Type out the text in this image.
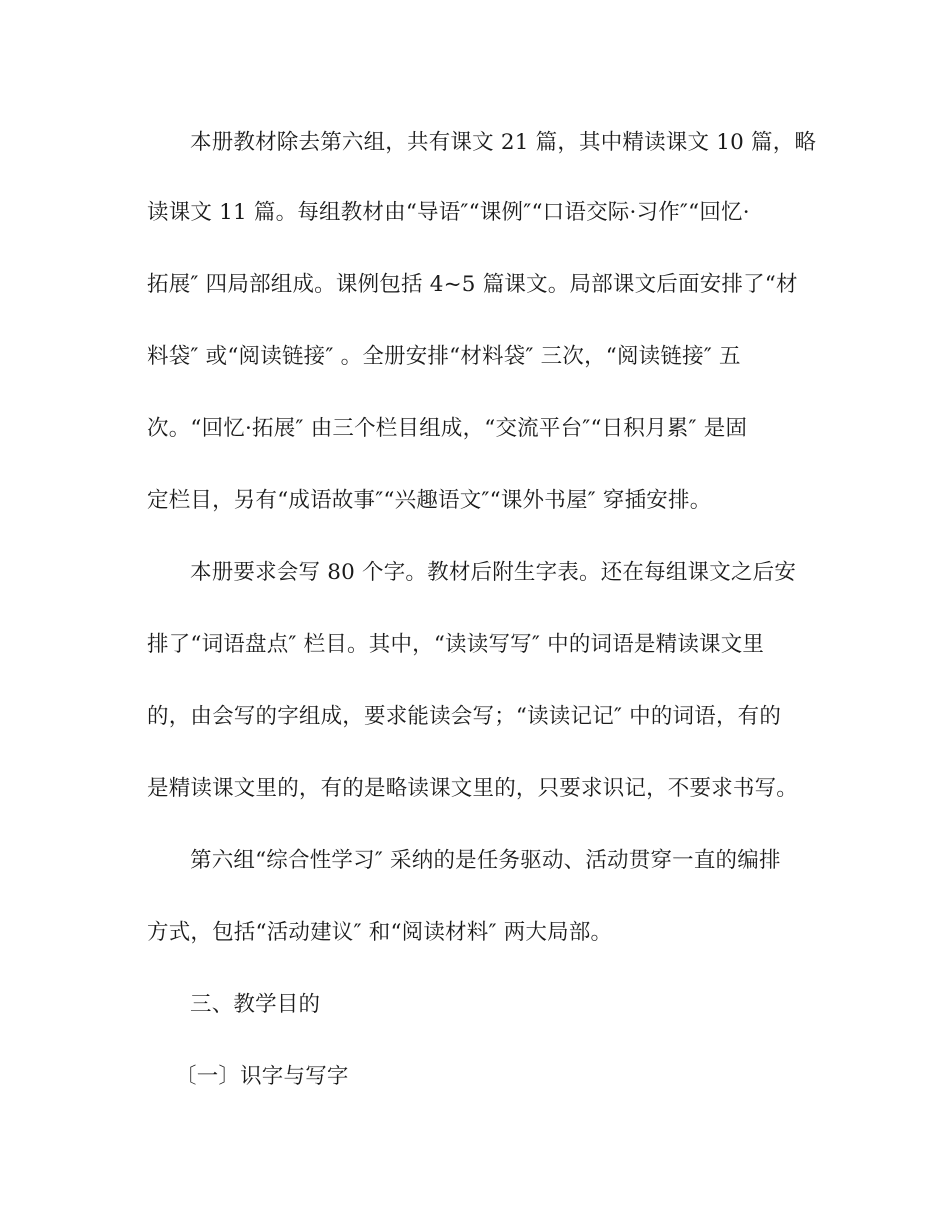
本册教材除去第六组，共有课文 21 篇，其中精读课文 10 篇，略
读课文 11 篇。每组教材由“导语″“课例″“口语交际·习作″“回忆·
拓展″ 四局部组成。课例包括 4~5 篇课文。局部课文后面安排了“材
料袋″ 或“阅读链接″ 。全册安排“材料袋″ 三次，“阅读链接″ 五
次。“回忆·拓展″ 由三个栏目组成，“交流平台″“日积月累″ 是固
定栏目，另有“成语故事″“兴趣语文″“课外书屋″ 穿插安排。
本册要求会写 80 个字。教材后附生字表。还在每组课文之后安
排了“词语盘点″ 栏目。其中，“读读写写″ 中的词语是精读课文里
的，由会写的字组成，要求能读会写；“读读记记″ 中的词语，有的
是精读课文里的，有的是略读课文里的，只要求识记，不要求书写。
第六组“综合性学习″ 采纳的是任务驱动、活动贯穿一直的编排
方式，包括“活动建议″ 和“阅读材料″ 两大局部。
三、教学目的
〔一〕识字与写字
